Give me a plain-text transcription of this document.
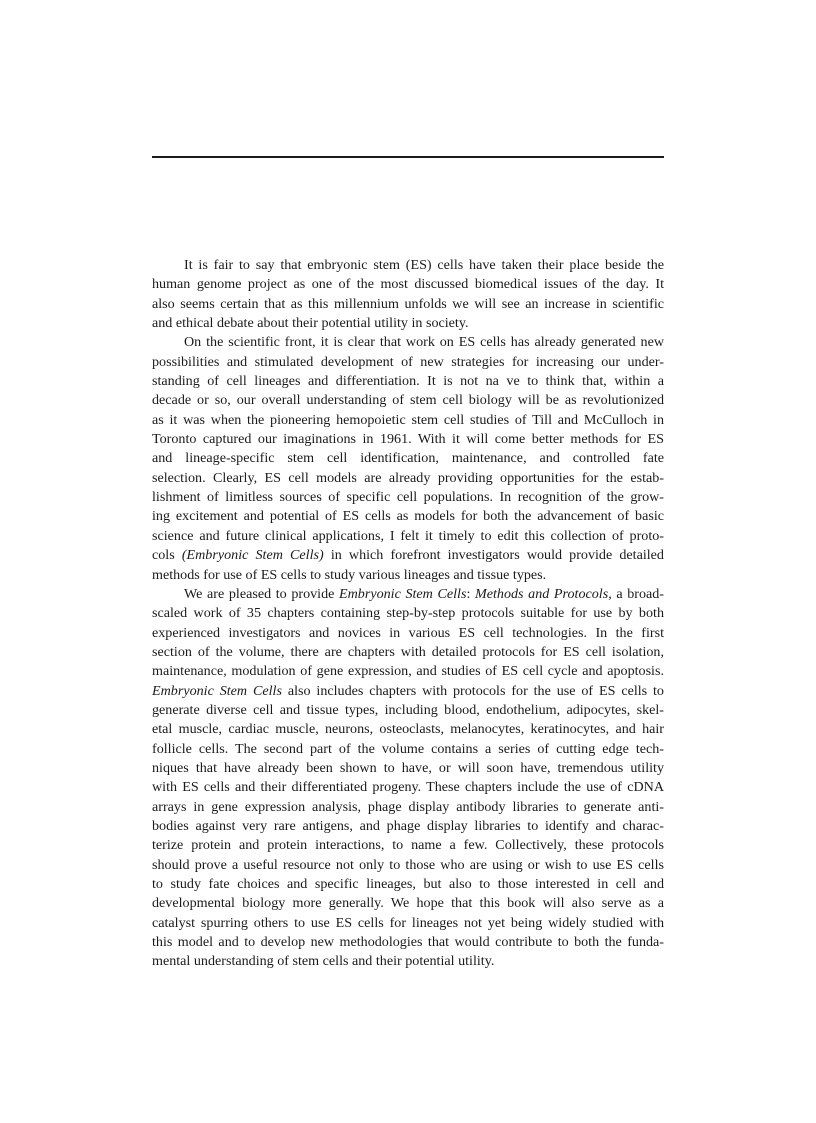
It is fair to say that embryonic stem (ES) cells have taken their place beside the
human genome project as one of the most discussed biomedical issues of the day. It
also seems certain that as this millennium unfolds we will see an increase in scientific
and ethical debate about their potential utility in society.
On the scientific front, it is clear that work on ES cells has already generated new
possibilities and stimulated development of new strategies for increasing our under-
standing of cell lineages and differentiation. It is not na ve to think that, within a
decade or so, our overall understanding of stem cell biology will be as revolutionized
as it was when the pioneering hemopoietic stem cell studies of Till and McCulloch in
Toronto captured our imaginations in 1961. With it will come better methods for ES
and lineage-specific stem cell identification, maintenance, and controlled fate
selection. Clearly, ES cell models are already providing opportunities for the estab-
lishment of limitless sources of specific cell populations. In recognition of the grow-
ing excitement and potential of ES cells as models for both the advancement of basic
science and future clinical applications, I felt it timely to edit this collection of proto-
cols (Embryonic Stem Cells) in which forefront investigators would provide detailed
methods for use of ES cells to study various lineages and tissue types.
We are pleased to provide Embryonic Stem Cells: Methods and Protocols, a broad-
scaled work of 35 chapters containing step-by-step protocols suitable for use by both
experienced investigators and novices in various ES cell technologies. In the first
section of the volume, there are chapters with detailed protocols for ES cell isolation,
maintenance, modulation of gene expression, and studies of ES cell cycle and apoptosis.
Embryonic Stem Cells also includes chapters with protocols for the use of ES cells to
generate diverse cell and tissue types, including blood, endothelium, adipocytes, skel-
etal muscle, cardiac muscle, neurons, osteoclasts, melanocytes, keratinocytes, and hair
follicle cells. The second part of the volume contains a series of cutting edge tech-
niques that have already been shown to have, or will soon have, tremendous utility
with ES cells and their differentiated progeny. These chapters include the use of cDNA
arrays in gene expression analysis, phage display antibody libraries to generate anti-
bodies against very rare antigens, and phage display libraries to identify and charac-
terize protein and protein interactions, to name a few. Collectively, these protocols
should prove a useful resource not only to those who are using or wish to use ES cells
to study fate choices and specific lineages, but also to those interested in cell and
developmental biology more generally. We hope that this book will also serve as a
catalyst spurring others to use ES cells for lineages not yet being widely studied with
this model and to develop new methodologies that would contribute to both the funda-
mental understanding of stem cells and their potential utility.
